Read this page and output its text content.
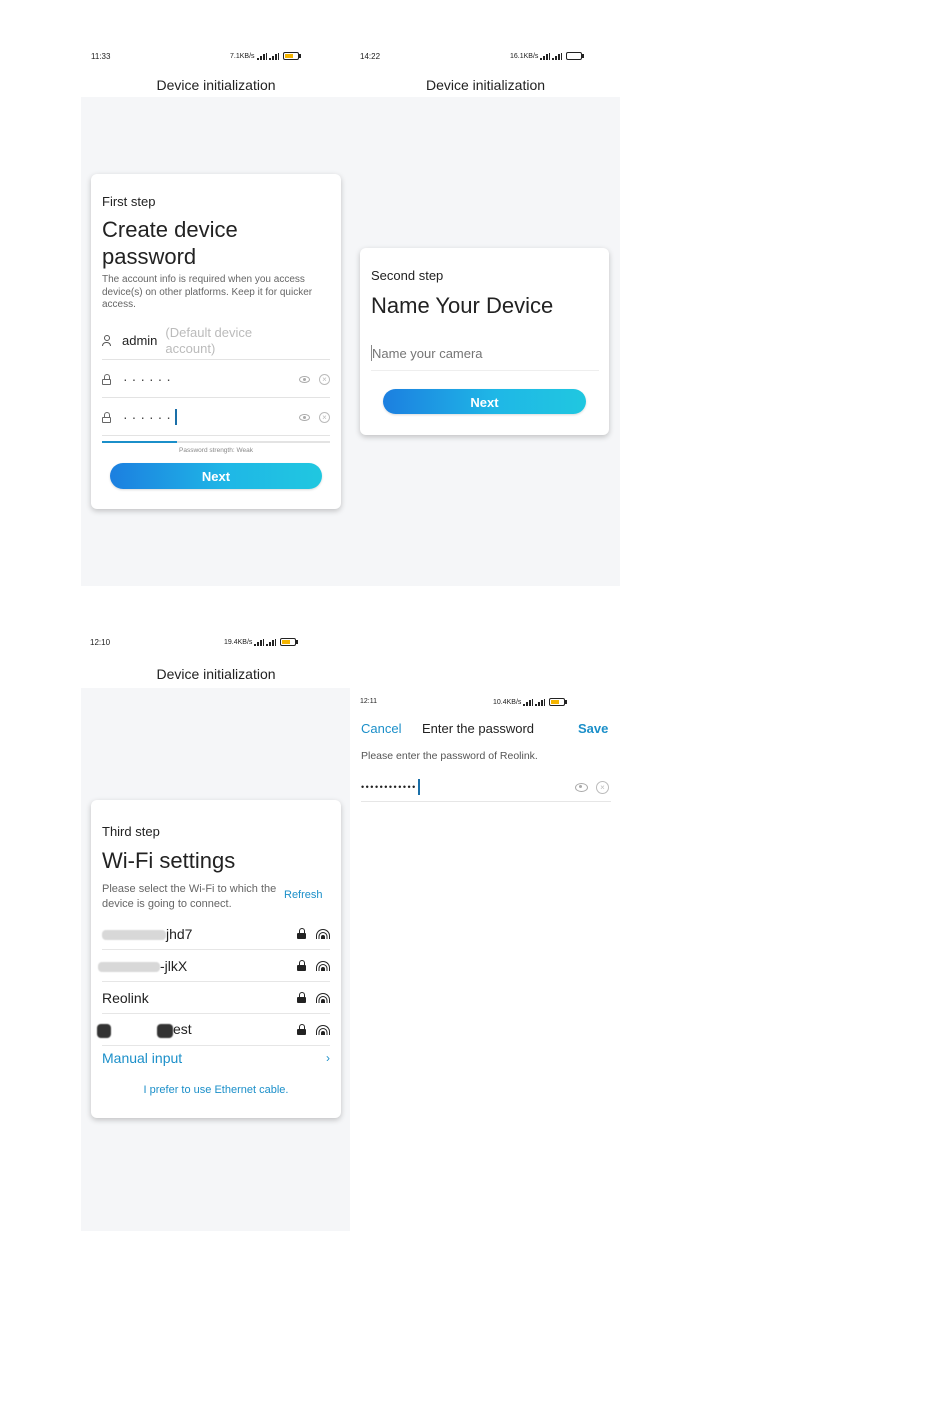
11:33	7.1KB/s
Device initialization
First step
Create device password
The account info is required when you access device(s) on other platforms. Keep it for quicker access.
admin
(Default device account)
······	×
······	×
Password strength: Weak
Next
14:22	16.1KB/s
Device initialization
Second step
Name Your Device
Name your camera
Next
12:10	19.4KB/s
Device initialization
Third step
Wi-Fi settings
Please select the Wi-Fi to which the device is going to connect.
Refresh
jhd7
-jlkX
Reolink
est
Manual input	›
I prefer to use Ethernet cable.
12:11	10.4KB/s
Cancel Enter the password	Save
Please enter the password of Reolink.
••••••••••••	×
